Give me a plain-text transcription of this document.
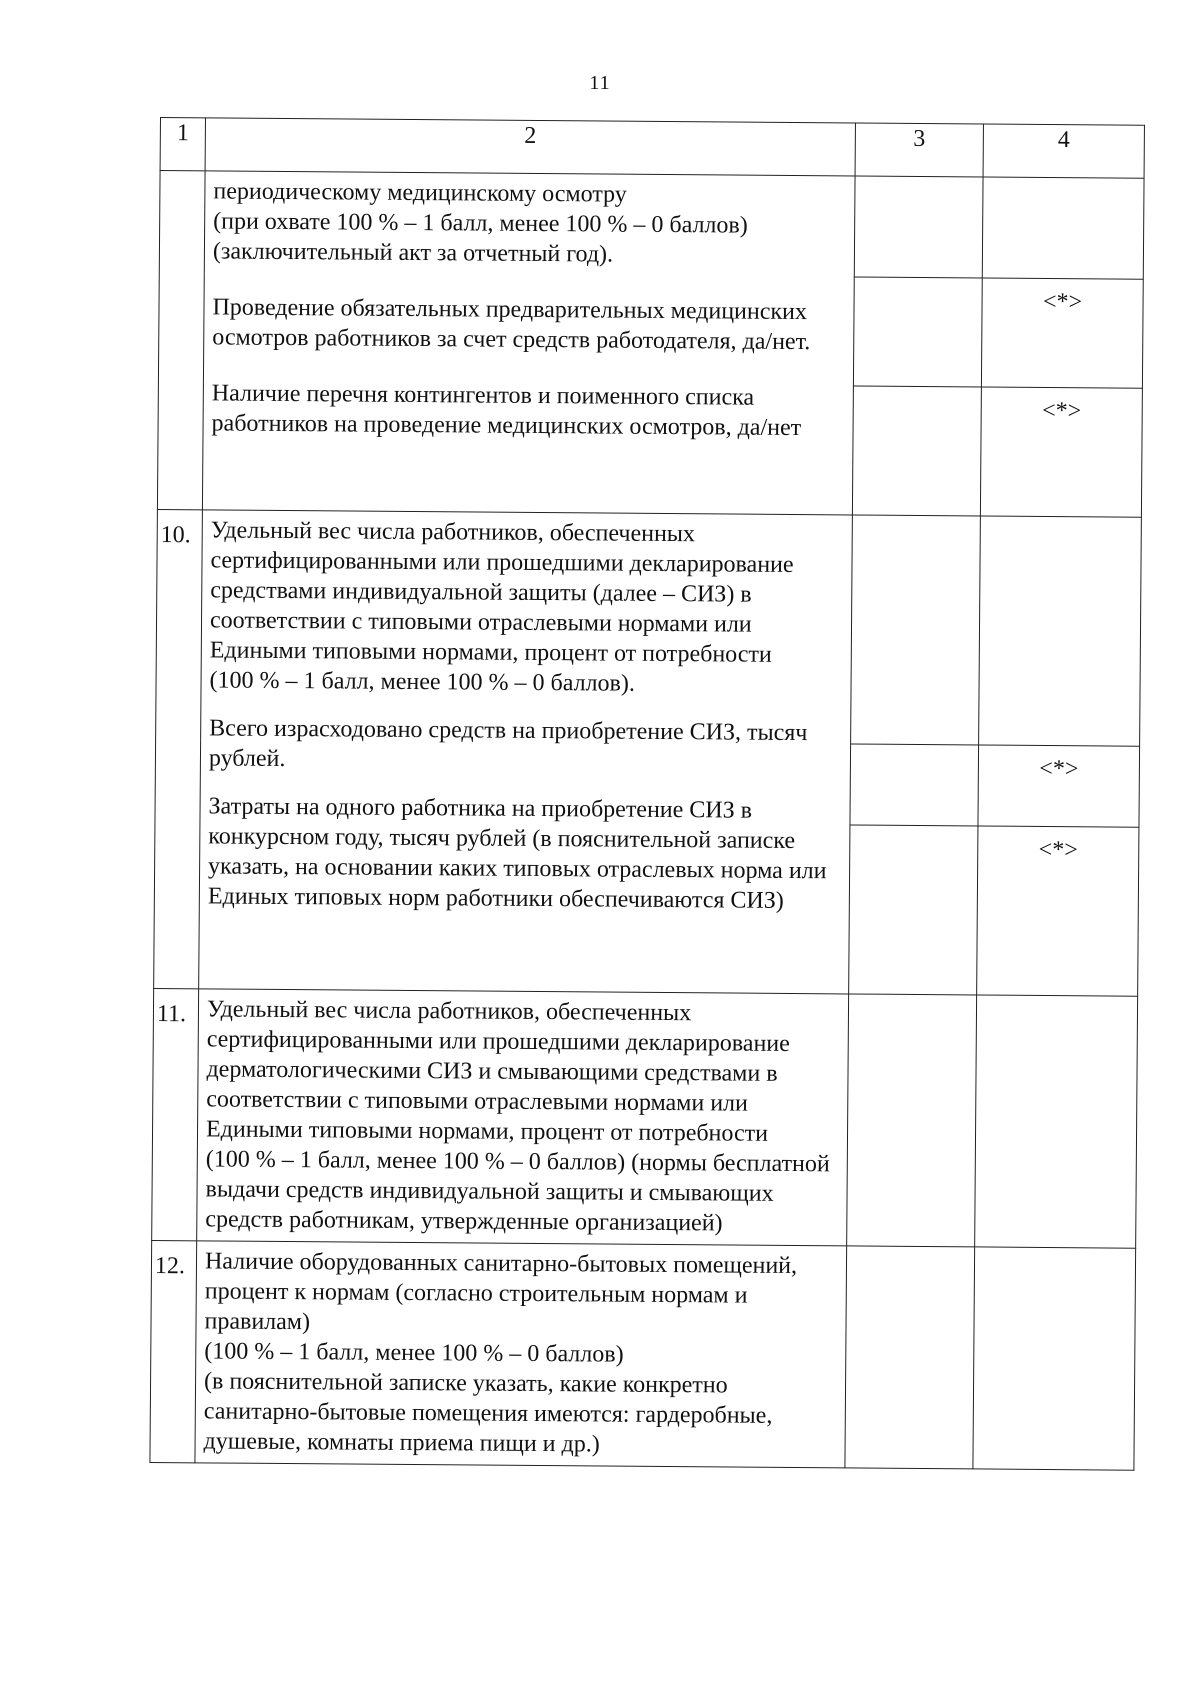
11
1	2	3	4

	периодическому медицинскому осмотру
(при охвате 100 % – 1 балл, менее 100 % – 0 баллов)
(заключительный акт за отчетный год).

Проведение обязательных предварительных медицинских осмотров работников за счет средств работодателя, да/нет.

Наличие перечня контингентов и поименного списка работников на проведение медицинских осмотров, да/нет		

			<*>
			<*>
10.	Удельный вес числа работников, обеспеченных сертифицированными или прошедшими декларирование средствами индивидуальной защиты (далее – СИЗ) в соответствии с типовыми отраслевыми нормами или Едиными типовыми нормами, процент от потребности
(100 % – 1 балл, менее 100 % – 0 баллов).

Всего израсходовано средств на приобретение СИЗ, тысяч рублей.

Затраты на одного работника на приобретение СИЗ в конкурсном году, тысяч рублей (в пояснительной записке указать, на основании каких типовых отраслевых норма или Единых типовых норм работники обеспечиваются СИЗ)		

			<*>
			<*>
11.	Удельный вес числа работников, обеспеченных сертифицированными или прошедшими декларирование дерматологическими СИЗ и смывающими средствами в соответствии с типовыми отраслевыми нормами или Едиными типовыми нормами, процент от потребности
(100 % – 1 балл, менее 100 % – 0 баллов) (нормы бесплатной выдачи средств индивидуальной защиты и смывающих средств работникам, утвержденные организацией)		

12.	Наличие оборудованных санитарно-бытовых помещений, процент к нормам (согласно строительным нормам и правилам)
(100 % – 1 балл, менее 100 % – 0 баллов)
(в пояснительной записке указать, какие конкретно санитарно-бытовые помещения имеются: гардеробные, душевые, комнаты приема пищи и др.)		
